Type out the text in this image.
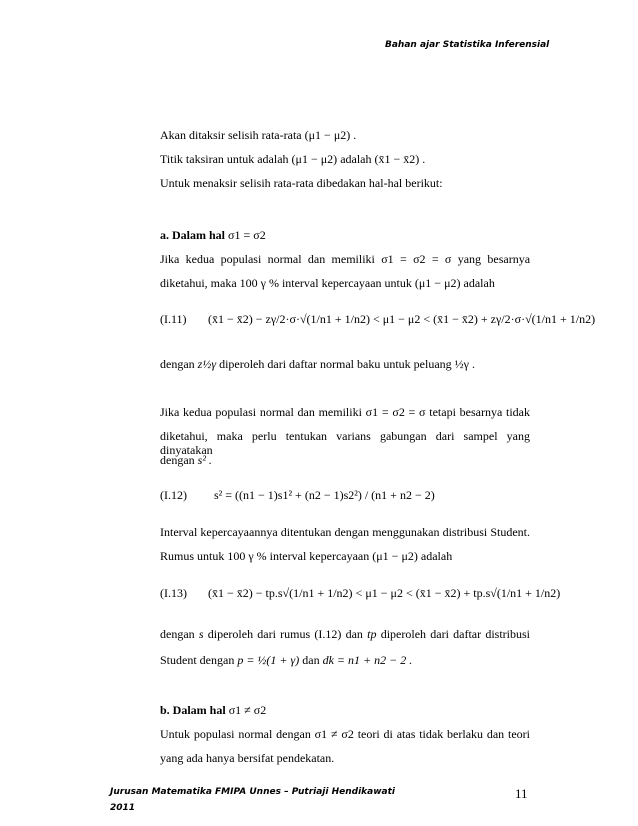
Bahan ajar Statistika Inferensial
Akan ditaksir selisih rata-rata (μ1 − μ2) .
Titik taksiran untuk adalah (μ1 − μ2) adalah (x̄1 − x̄2) .
Untuk menaksir selisih rata-rata dibedakan hal-hal berikut:
a. Dalam hal σ1 = σ2
Jika kedua populasi normal dan memiliki σ1 = σ2 = σ yang besarnya
diketahui, maka 100 γ % interval kepercayaan untuk (μ1 − μ2) adalah
(I.11) (x̄1 − x̄2) − zγ/2·σ·√(1/n1 + 1/n2) < μ1 − μ2 < (x̄1 − x̄2) + zγ/2·σ·√(1/n1 + 1/n2)
dengan z½γ diperoleh dari daftar normal baku untuk peluang ½γ .
Jika kedua populasi normal dan memiliki σ1 = σ2 = σ tetapi besarnya tidak
diketahui, maka perlu tentukan varians gabungan dari sampel yang dinyatakan
dengan s² .
(I.12) s² = ((n1 − 1)s1² + (n2 − 1)s2²) / (n1 + n2 − 2)
Interval kepercayaannya ditentukan dengan menggunakan distribusi Student.
Rumus untuk 100 γ % interval kepercayaan (μ1 − μ2) adalah
(I.13) (x̄1 − x̄2) − tp.s√(1/n1 + 1/n2) < μ1 − μ2 < (x̄1 − x̄2) + tp.s√(1/n1 + 1/n2)
dengan s diperoleh dari rumus (I.12) dan tp diperoleh dari daftar distribusi
Student dengan p = ½(1 + γ) dan dk = n1 + n2 − 2 .
b. Dalam hal σ1 ≠ σ2
Untuk populasi normal dengan σ1 ≠ σ2 teori di atas tidak berlaku dan teori
yang ada hanya bersifat pendekatan.
Jurusan Matematika FMIPA Unnes – Putriaji Hendikawati
2011
11
